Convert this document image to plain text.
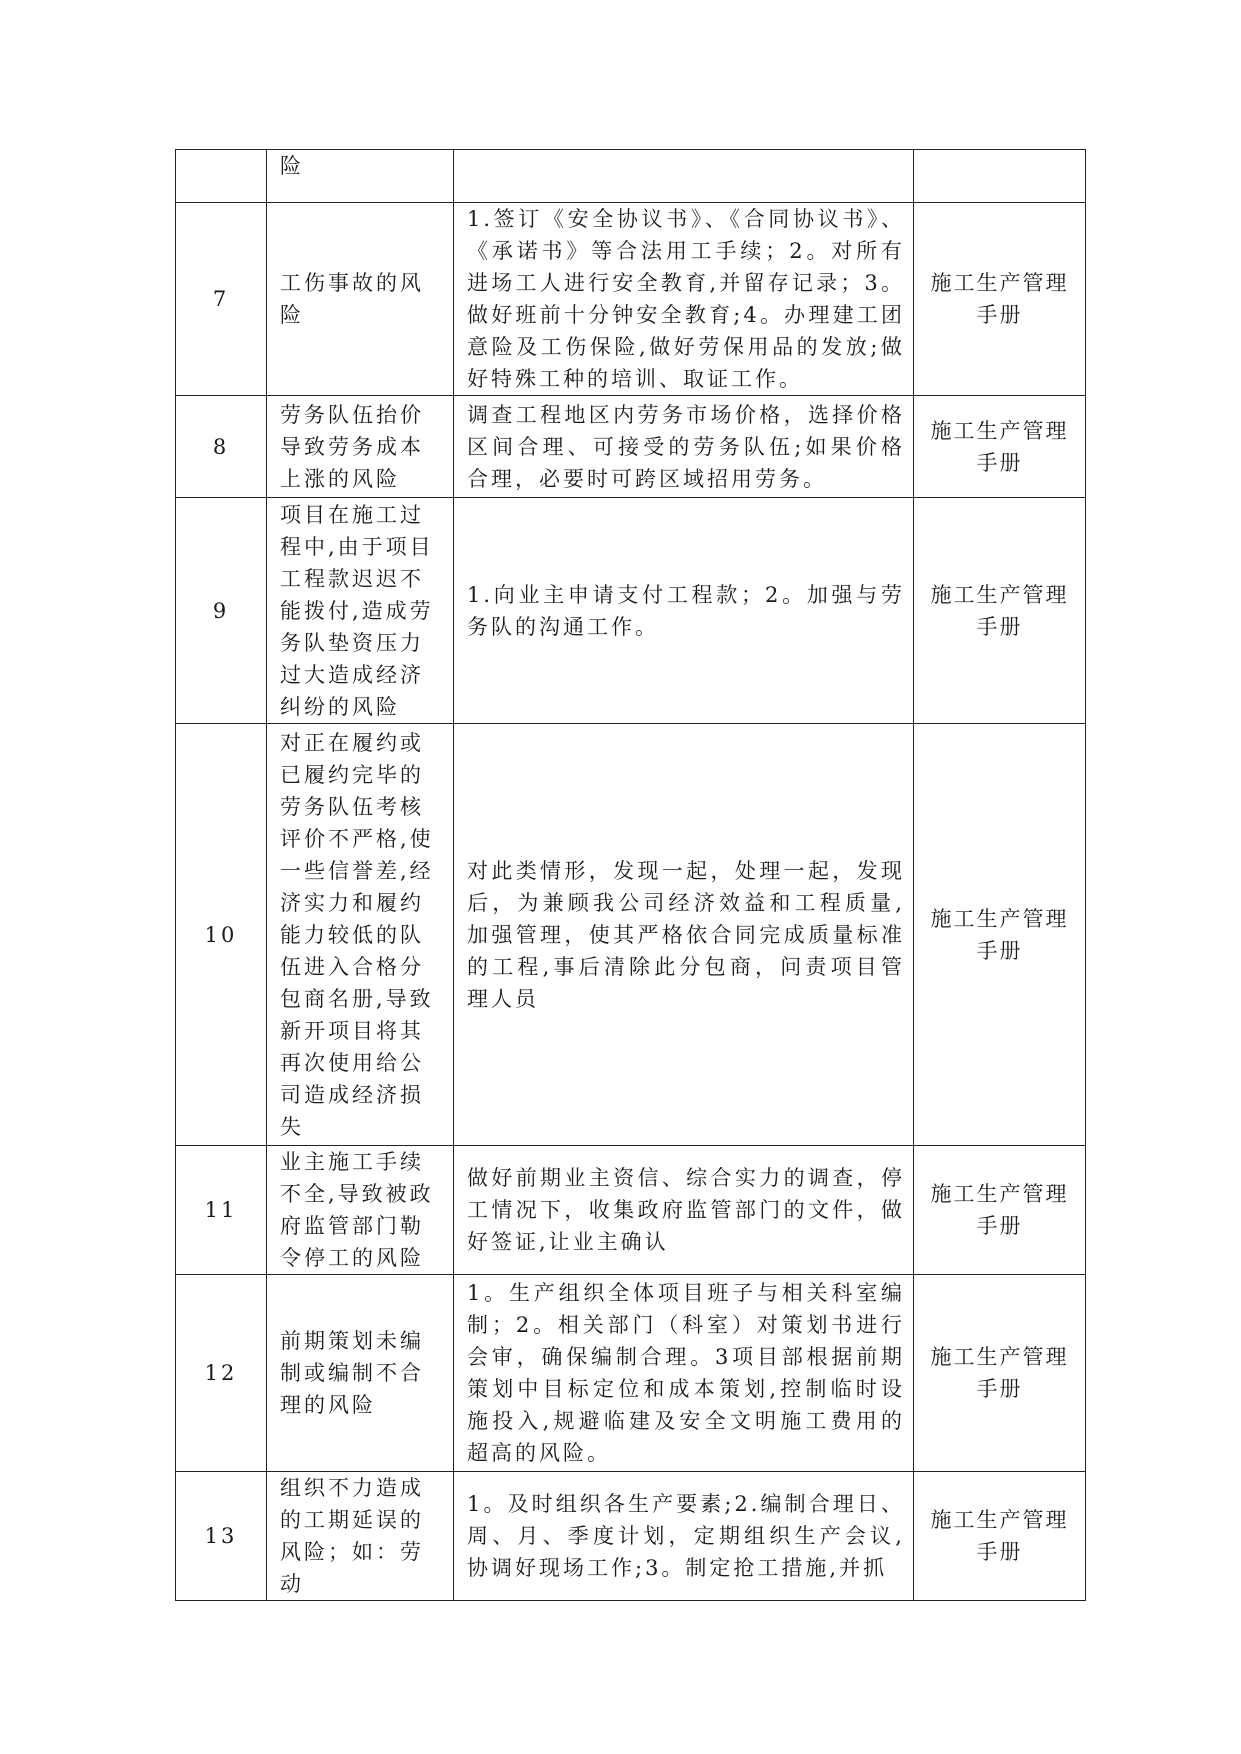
	险		

7	工伤事故的风险	1.签订《安全协议书》、《合同协议书》、《承诺书》等合法用工手续；2。对所有进场工人进行安全教育,并留存记录；3。做好班前十分钟安全教育;4。办理建工团意险及工伤保险,做好劳保用品的发放;做好特殊工种的培训、取证工作。	施工生产管理手册

8	劳务队伍抬价导致劳务成本上涨的风险	调查工程地区内劳务市场价格，选择价格区间合理、可接受的劳务队伍;如果价格合理，必要时可跨区域招用劳务。	施工生产管理手册

9	项目在施工过程中,由于项目工程款迟迟不能拨付,造成劳务队垫资压力过大造成经济纠纷的风险	1.向业主申请支付工程款；2。加强与劳务队的沟通工作。	施工生产管理手册

10	对正在履约或已履约完毕的劳务队伍考核评价不严格,使一些信誉差,经济实力和履约能力较低的队伍进入合格分包商名册,导致新开项目将其再次使用给公司造成经济损失	对此类情形，发现一起，处理一起，发现后，为兼顾我公司经济效益和工程质量,加强管理，使其严格依合同完成质量标准的工程,事后清除此分包商，问责项目管理人员	施工生产管理手册

11	业主施工手续不全,导致被政府监管部门勒令停工的风险	做好前期业主资信、综合实力的调查，停工情况下，收集政府监管部门的文件，做好签证,让业主确认	施工生产管理手册

12	前期策划未编制或编制不合理的风险	1。生产组织全体项目班子与相关科室编制；2。相关部门（科室）对策划书进行会审，确保编制合理。3项目部根据前期策划中目标定位和成本策划,控制临时设施投入,规避临建及安全文明施工费用的超高的风险。	施工生产管理手册

13	组织不力造成的工期延误的风险；如：劳动	1。及时组织各生产要素;2.编制合理日、周、月、季度计划，定期组织生产会议,协调好现场工作;3。制定抢工措施,并抓	施工生产管理手册
